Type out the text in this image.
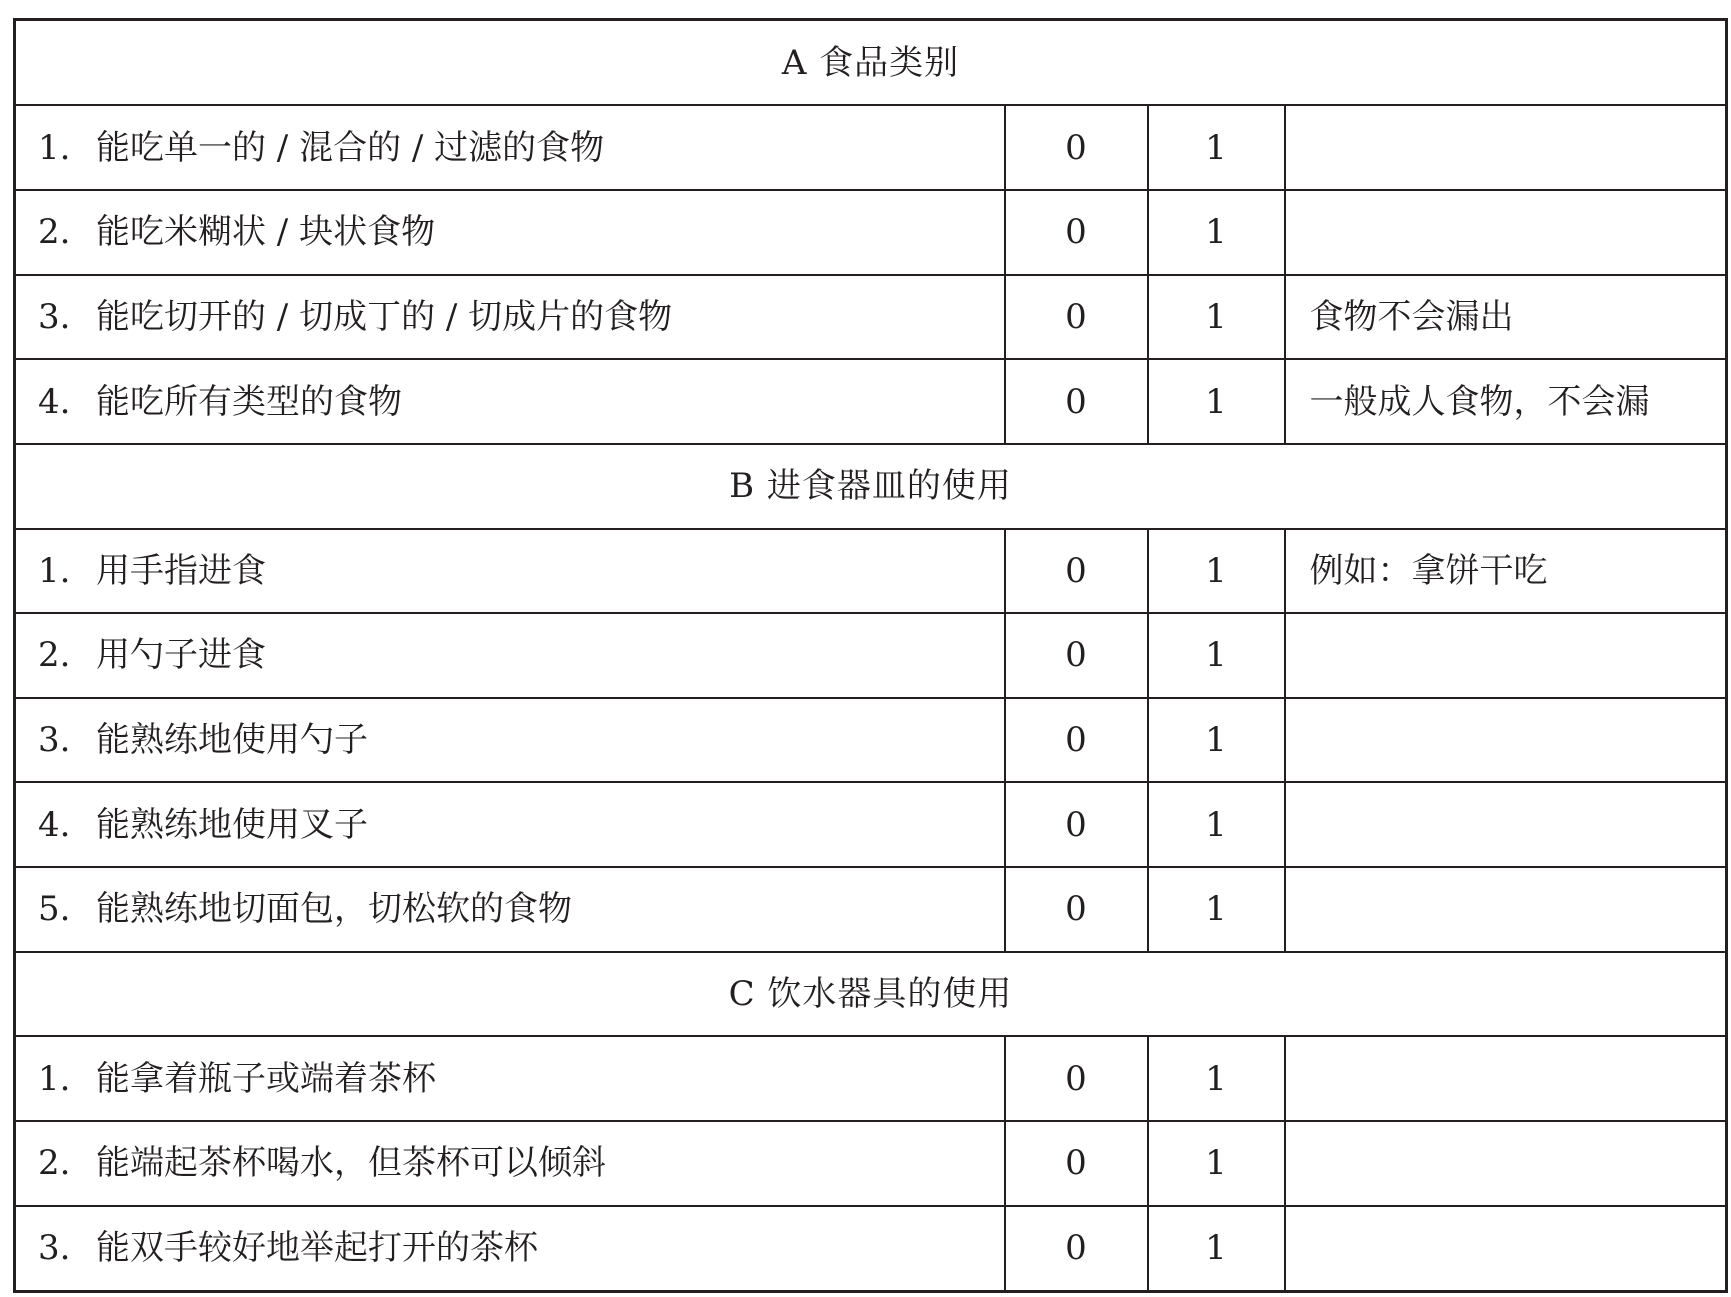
A 食品类别			
1. 能吃单一的 / 混合的 / 过滤的食物	0	1	
2. 能吃米糊状 / 块状食物	0	1	
3. 能吃切开的 / 切成丁的 / 切成片的食物	0	1	食物不会漏出
4. 能吃所有类型的食物	0	1	一般成人食物，不会漏
B 进食器皿的使用			
1. 用手指进食	0	1	例如：拿饼干吃
2. 用勺子进食	0	1	
3. 能熟练地使用勺子	0	1	
4. 能熟练地使用叉子	0	1	
5. 能熟练地切面包，切松软的食物	0	1	
C 饮水器具的使用			
1. 能拿着瓶子或端着茶杯	0	1	
2. 能端起茶杯喝水，但茶杯可以倾斜	0	1	
3. 能双手较好地举起打开的茶杯	0	1	
